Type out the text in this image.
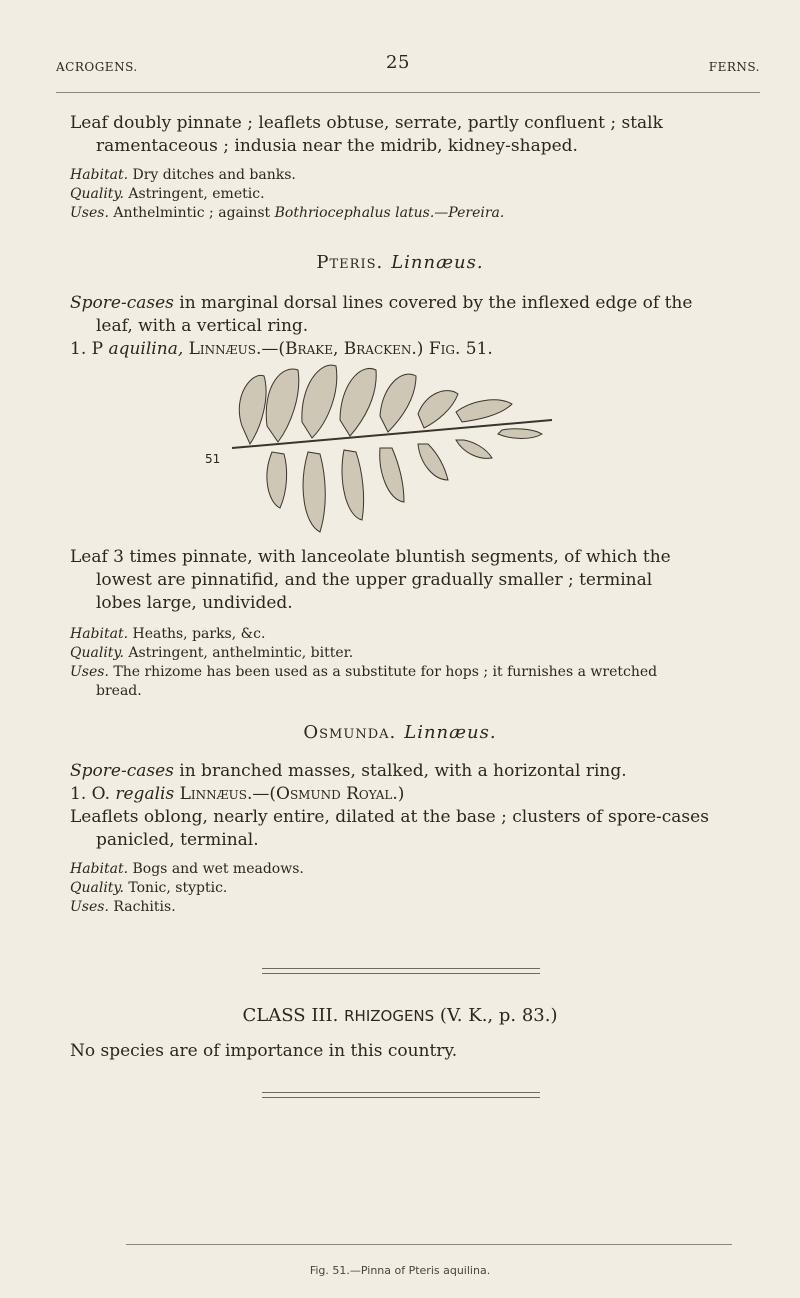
ACROGENS.	25	FERNS.

Leaf doubly pinnate ; leaflets obtuse, serrate, partly confluent ; stalk
ramentaceous ; indusia near the midrib, kidney-shaped.

Habitat. Dry ditches and banks.

Quality. Astringent, emetic.

Uses. Anthelmintic ; against Bothriocephalus latus.—Pereira.

Pteris. Linnæus.

Spore-cases in marginal dorsal lines covered by the inflexed edge of the
leaf, with a vertical ring.

1. P aquilina, Linnæus.—(Brake, Bracken.) Fig. 51.

51

Leaf 3 times pinnate, with lanceolate bluntish segments, of which the
lowest are pinnatifid, and the upper gradually smaller ; terminal
lobes large, undivided.

Habitat. Heaths, parks, &c.

Quality. Astringent, anthelmintic, bitter.

Uses. The rhizome has been used as a substitute for hops ; it furnishes a wretched
bread.

Osmunda. Linnæus.

Spore-cases in branched masses, stalked, with a horizontal ring.

1. O. regalis Linnæus.—(Osmund Royal.)

Leaflets oblong, nearly entire, dilated at the base ; clusters of spore-cases
panicled, terminal.

Habitat. Bogs and wet meadows.

Quality. Tonic, styptic.

Uses. Rachitis.

CLASS III. RHIZOGENS (V. K., p. 83.)

No species are of importance in this country.

Fig. 51.—Pinna of Pteris aquilina.
